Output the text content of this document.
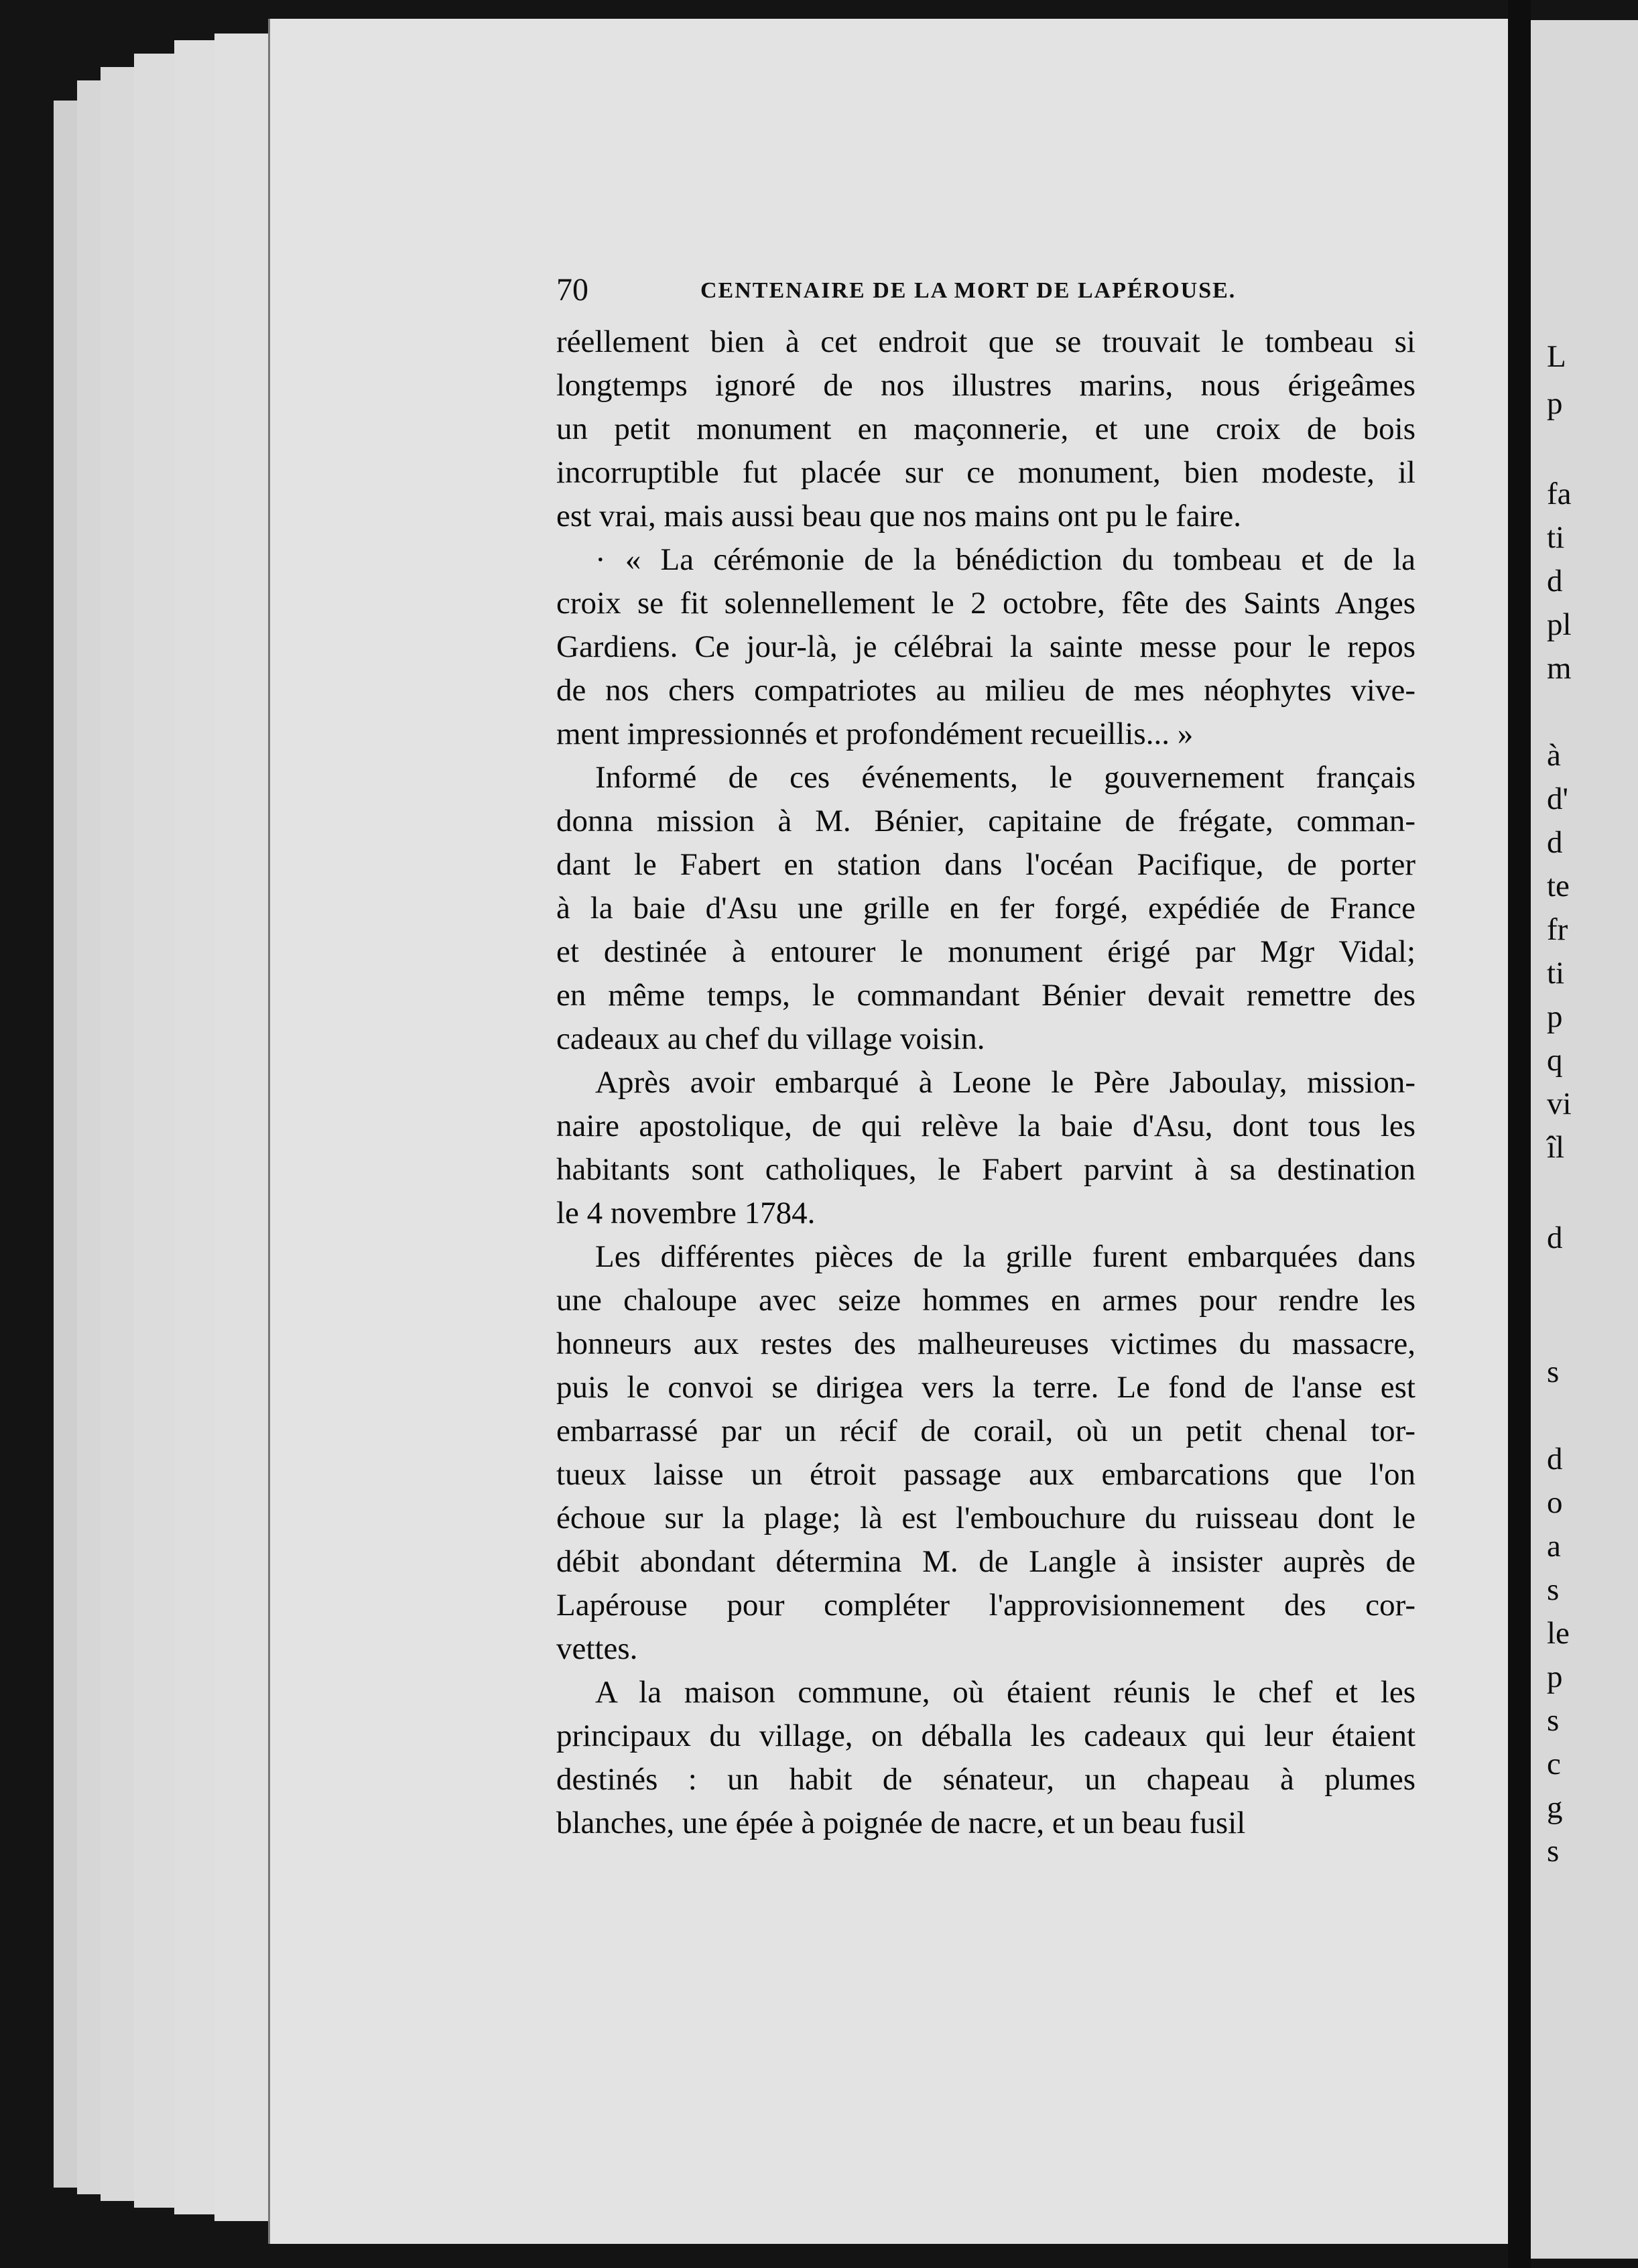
70	CENTENAIRE DE LA MORT DE LAPÉROUSE.
réellement bien à cet endroit que se trouvait le tombeau si
longtemps ignoré de nos illustres marins, nous érigeâmes
un petit monument en maçonnerie, et une croix de bois
incorruptible fut placée sur ce monument, bien modeste, il
est vrai, mais aussi beau que nos mains ont pu le faire.
· « La cérémonie de la bénédiction du tombeau et de la
croix se fit solennellement le 2 octobre, fête des Saints Anges
Gardiens. Ce jour-là, je célébrai la sainte messe pour le repos
de nos chers compatriotes au milieu de mes néophytes vive-
ment impressionnés et profondément recueillis... »
Informé de ces événements, le gouvernement français
donna mission à M. Bénier, capitaine de frégate, comman-
dant le Fabert en station dans l'océan Pacifique, de porter
à la baie d'Asu une grille en fer forgé, expédiée de France
et destinée à entourer le monument érigé par Mgr Vidal;
en même temps, le commandant Bénier devait remettre des
cadeaux au chef du village voisin.
Après avoir embarqué à Leone le Père Jaboulay, mission-
naire apostolique, de qui relève la baie d'Asu, dont tous les
habitants sont catholiques, le Fabert parvint à sa destination
le 4 novembre 1784.
Les différentes pièces de la grille furent embarquées dans
une chaloupe avec seize hommes en armes pour rendre les
honneurs aux restes des malheureuses victimes du massacre,
puis le convoi se dirigea vers la terre. Le fond de l'anse est
embarrassé par un récif de corail, où un petit chenal tor-
tueux laisse un étroit passage aux embarcations que l'on
échoue sur la plage; là est l'embouchure du ruisseau dont le
débit abondant détermina M. de Langle à insister auprès de
Lapérouse pour compléter l'approvisionnement des cor-
vettes.
A la maison commune, où étaient réunis le chef et les
principaux du village, on déballa les cadeaux qui leur étaient
destinés : un habit de sénateur, un chapeau à plumes
blanches, une épée à poignée de nacre, et un beau fusil
L
p
fa
ti
d
pl
m
à
d'
d
te
fr
ti
p
q
vi
îl
d
s
d
o
a
s
le
p
s
c
g
s
